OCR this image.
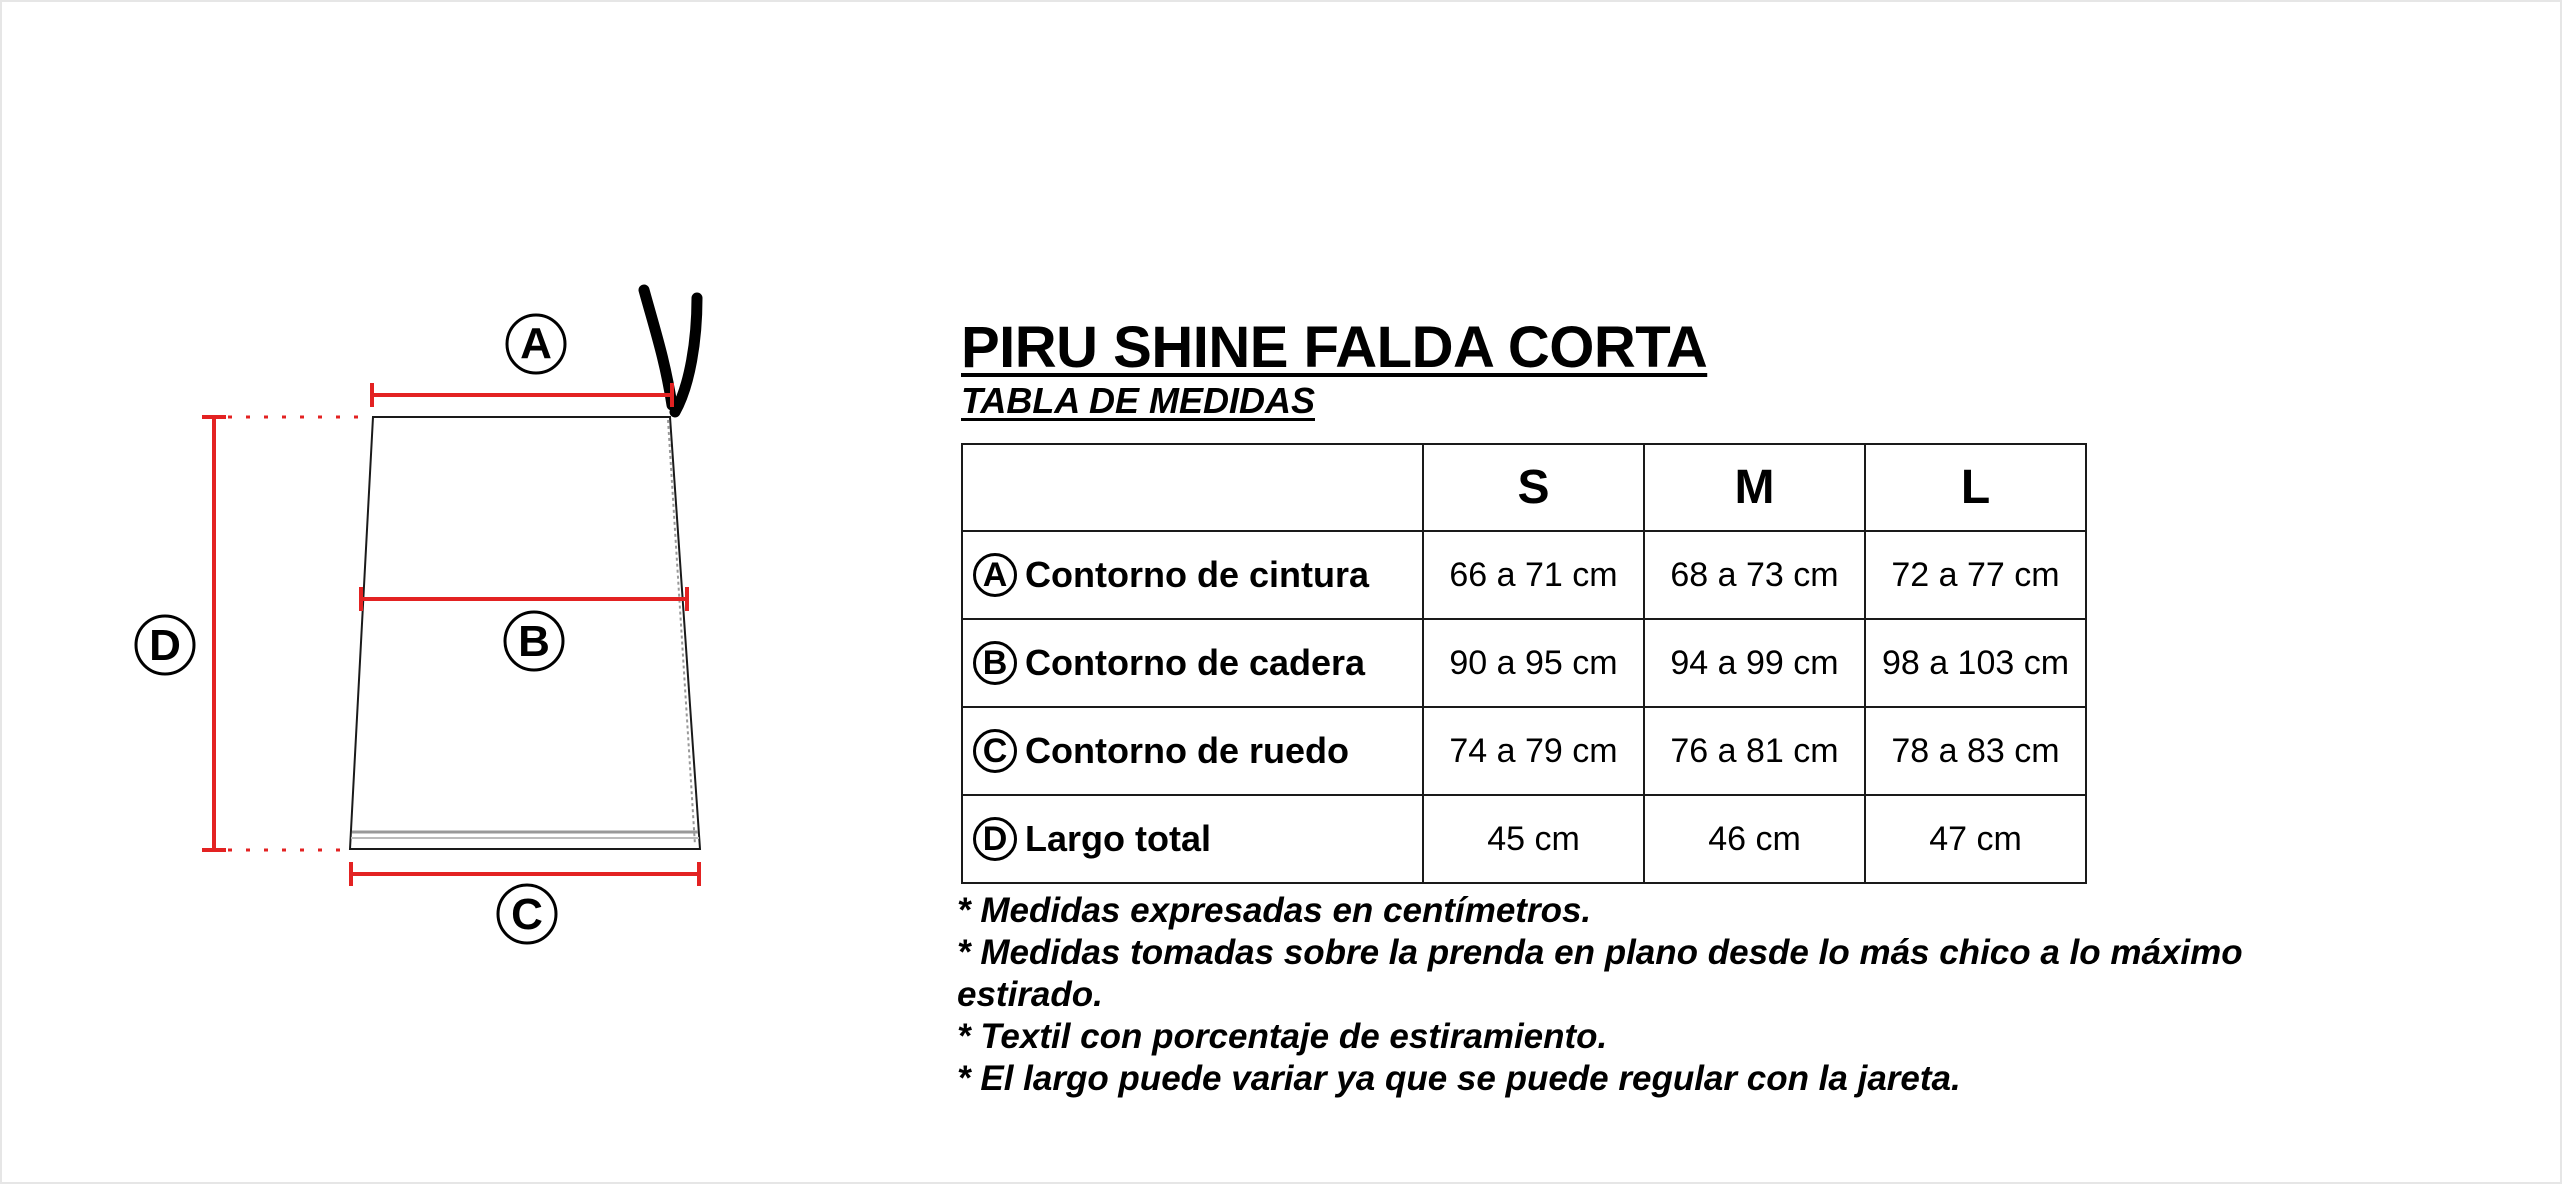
A
B
C
D
PIRU SHINE FALDA CORTA
TABLA DE MEDIDAS
	S	M	L

A Contorno de cintura	66 a 71 cm	68 a 73 cm	72 a 77 cm

B Contorno de cadera	90 a 95 cm	94 a 99 cm	98 a 103 cm

C Contorno de ruedo	74 a 79 cm	76 a 81 cm	78 a 83 cm

D Largo total	45 cm	46 cm	47 cm

* Medidas expresadas en centímetros.

* Medidas tomadas sobre la prenda en plano desde lo más chico a lo máximo estirado.

* Textil con porcentaje de estiramiento.

* El largo puede variar ya que se puede regular con la jareta.
